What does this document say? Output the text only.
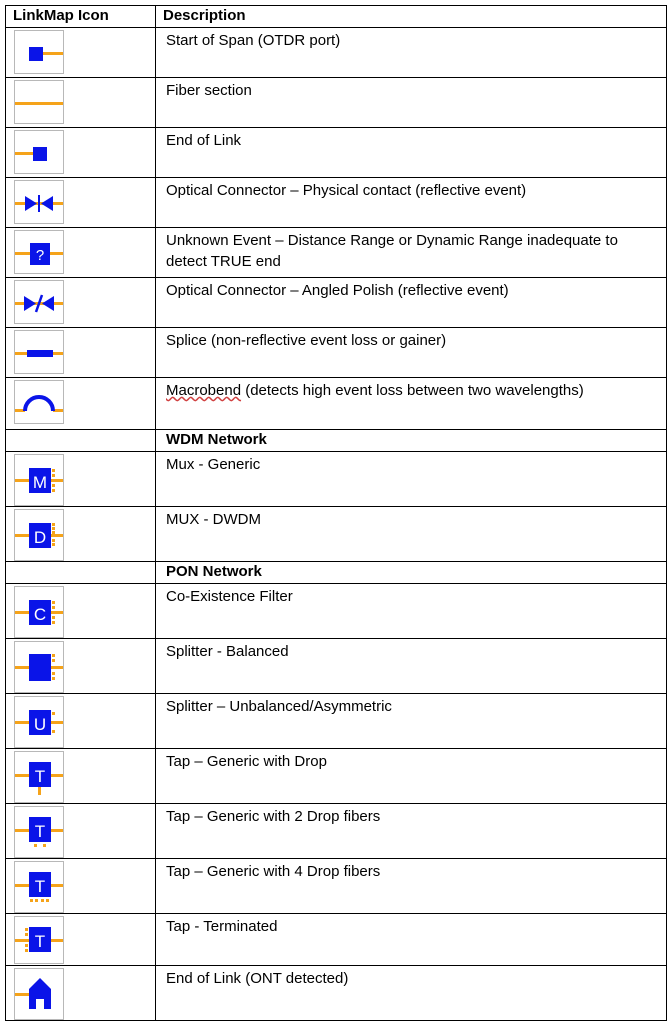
LinkMap Icon	Description

	Start of Span (OTDR port)

	Fiber section

	End of Link

	Optical Connector – Physical contact (reflective event)

?	Unknown Event – Distance Range or Dynamic Range inadequate to detect TRUE end

	Optical Connector – Angled Polish (reflective event)

	Splice (non-reflective event loss or gainer)

	Macrobend (detects high event loss between two wavelengths)
	WDM Network

M	Mux - Generic

D	MUX - DWDM
	PON Network

C	Co-Existence Filter

	Splitter - Balanced

U	Splitter – Unbalanced/Asymmetric

T	Tap – Generic with Drop

T	Tap – Generic with 2 Drop fibers

T	Tap – Generic with 4 Drop fibers

T	Tap - Terminated

	End of Link (ONT detected)
